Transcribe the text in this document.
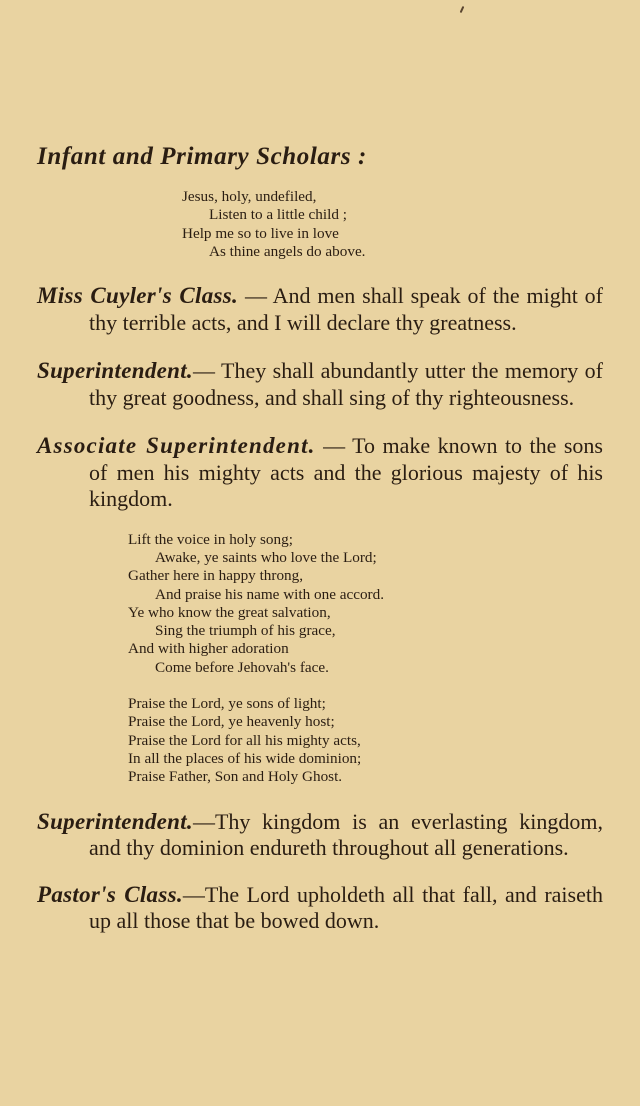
Infant and Primary Scholars :
Jesus, holy, undefiled,
Listen to a little child ;
Help me so to live in love
As thine angels do above.
Miss Cuyler's Class. — And men shall speak of the might of thy terrible acts, and I will declare thy greatness.
Superintendent.— They shall abundantly utter the memory of thy great goodness, and shall sing of thy righteousness.
Associate Superintendent. — To make known to the sons of men his mighty acts and the glorious majesty of his kingdom.
Lift the voice in holy song;
Awake, ye saints who love the Lord;
Gather here in happy throng,
And praise his name with one accord.
Ye who know the great salvation,
Sing the triumph of his grace,
And with higher adoration
Come before Jehovah's face.
Praise the Lord, ye sons of light;
Praise the Lord, ye heavenly host;
Praise the Lord for all his mighty acts,
In all the places of his wide dominion;
Praise Father, Son and Holy Ghost.
Superintendent.—Thy kingdom is an everlasting kingdom, and thy dominion endureth throughout all generations.
Pastor's Class.—The Lord upholdeth all that fall, and raiseth up all those that be bowed down.
